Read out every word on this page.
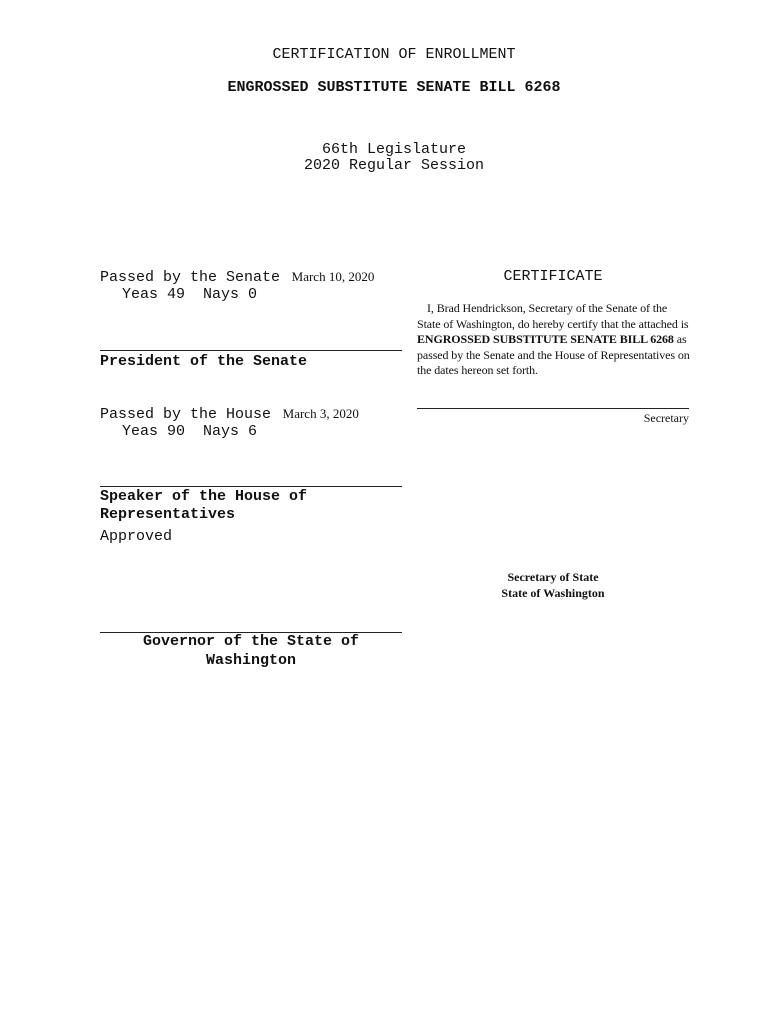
CERTIFICATION OF ENROLLMENT
ENGROSSED SUBSTITUTE SENATE BILL 6268
66th Legislature
2020 Regular Session
Passed by the Senate March 10, 2020
Yeas 49  Nays 0
President of the Senate
Passed by the House March 3, 2020
Yeas 90  Nays 6
Speaker of the House of
Representatives
Approved
Governor of the State of
Washington
CERTIFICATE
I, Brad Hendrickson, Secretary of the Senate of the State of Washington, do hereby certify that the attached is ENGROSSED SUBSTITUTE SENATE BILL 6268 as passed by the Senate and the House of Representatives on the dates hereon set forth.
Secretary
Secretary of State
State of Washington
